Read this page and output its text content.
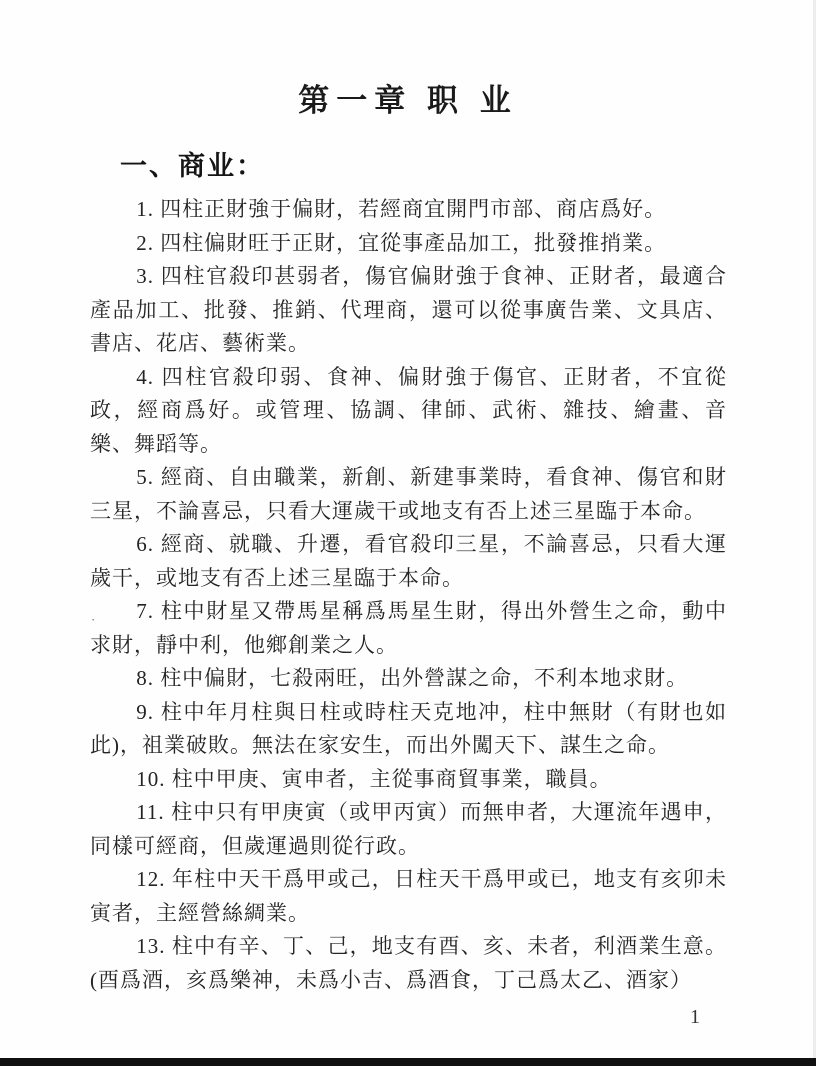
第一章 职 业
一、商业：

1. 四柱正財強于偏財，若經商宜開門市部、商店爲好。

2. 四柱偏財旺于正財，宜從事產品加工，批發推捎業。

3. 四柱官殺印甚弱者，傷官偏財強于食神、正財者，最適合產品加工、批發、推銷、代理商，還可以從事廣告業、文具店、書店、花店、藝術業。

4. 四柱官殺印弱、食神、偏財強于傷官、正財者，不宜從政，經商爲好。或管理、協調、律師、武術、雜技、繪畫、音樂、舞蹈等。

5. 經商、自由職業，新創、新建事業時，看食神、傷官和財三星，不論喜忌，只看大運歲干或地支有否上述三星臨于本命。

6. 經商、就職、升遷，看官殺印三星，不論喜忌，只看大運歲干，或地支有否上述三星臨于本命。

7. 柱中財星又帶馬星稱爲馬星生財，得出外營生之命，動中求財，靜中利，他鄉創業之人。

8. 柱中偏財，七殺兩旺，出外營謀之命，不利本地求財。

9. 柱中年月柱與日柱或時柱天克地冲，柱中無財（有財也如此)，祖業破敗。無法在家安生，而出外闖天下、謀生之命。

10. 柱中甲庚、寅申者，主從事商貿事業，職員。

11. 柱中只有甲庚寅（或甲丙寅）而無申者，大運流年遇申，同樣可經商，但歲運過則從行政。

12. 年柱中天干爲甲或己，日柱天干爲甲或已，地支有亥卯未寅者，主經營絲綢業。

13. 柱中有辛、丁、己，地支有酉、亥、未者，利酒業生意。(酉爲酒，亥爲樂神，未爲小吉、爲酒食，丁己爲太乙、酒家）

·
1
